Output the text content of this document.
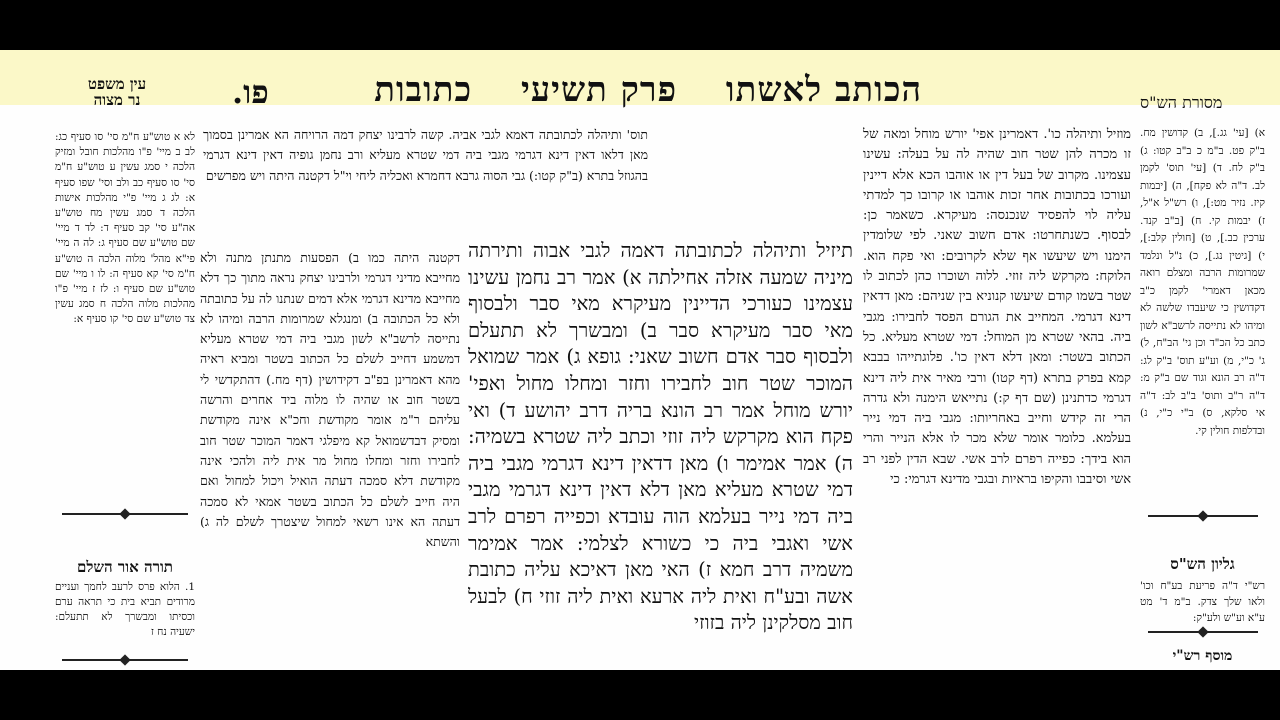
עין משפט
נר מצוה	פו.	הכותב לאשתו פרק תשיעי כתובות	מסורת הש"ס

א) [עי' גג.], ב) קדושין מח. ב"ק פט. ב"מ כ ב"ב קטו: ג) ב"ק לח. ד) [עי' תוס' לקמן לב. ד"ה לא פקח], ה) [יבמות קיז. נזיר מט:], ו) רש"ל א"ל, ז) יבמות קי. ח) [ב"ב קנד. ערכין כב.], ט) [חולין קלב:], י) [גיטין נג.], כ) נ"ל ונלמד שמרומות הרבה ומצלם רואה מכאן דאמרי' לקמן כ"ב דקדושין כי שיעבדו שלשה לא ומיהו לא נתייסה לרשב"א לשון כתב כל הכ"ד וכן גי' הב"ח, ל) ג' כ"י, מ) וע"ע תוס' ב"ק לג: ד"ה רב הונא וגוד שם ב"ק מ: ד"ה ר"ב ותוס' ב"ב לב: ד"ה אי סלקא, ס) ב"י כ"י, נ) ובדלפות חולין קי.

מוזיל ותיהלה כו'. דאמרינן אפי' יורש מוחל ומאה של זו מכרה להן שטר חוב שהיה לה על בעלה: עשינו עצמינו. מקרוב של בעל דין או אוהבו הכא אלא דיינין ועורכו בכתובות אחר זכות אוהבו או קרובו כך למדתי עליה לוי להפסיד שנכנסה: מעיקרא. כשאמר כן: לבסוף. כשנתחרטו: אדם חשוב שאני. לפי שלומדין הימנו ויש שיעשו אף שלא לקרובים: ואי פקח הוא. הלוקח: מקרקש ליה זוזי. ללוה ושוכרו כהן לכתוב לו שטר בשמו קודם שיעשו קנוניא בין שניהם: מאן דדאין דינא דגרמי. המחייב את הגורם הפסד לחבירו: מגבי ביה. בהאי שטרא מן המוחל: דמי שטרא מעליא. כל הכתוב בשטר: ומאן דלא דאין כו'. פלוגתייהו בבבא קמא בפרק בתרא (דף קטו) ורבי מאיר אית ליה דינא דגרמי כדתנינן (שם דף ק:) נתייאש הימנה ולא גדרה הרי זה קידש וחייב באחריותו: מגבי ביה דמי נייר בעלמא. כלומר אומר שלא מכר לו אלא הנייר והרי הוא בידך: כפייה רפרם לרב אשי. שבא הדין לפני רב אשי וסיבבו והקיפו בראיות ובגבי מדינא דגרמי: כי

תוס' ותיהלה לכתובתה דאמא לגבי אביה. קשה לרבינו יצחק דמה הרויחה הא אמרינן בסמוך מאן דלאו דאין דינא דגרמי מגבי ביה דמי שטרא מעליא ורב נחמן גופיה דאין דינא דגרמי בהגוזל בתרא (ב"ק קטו:) גבי הסוה גרבא דחמרא ואכליה ליחי וי"ל דקטנה היתה ויש מפרשים

דקטנה היתה כמו ב) הפסעות מתנתן מתנה ולא מחייבא מדיני דגרמי ולרבינו יצחק נראה מתוך כך דלא מחייבא מדינא דגרמי אלא דמים שנתנו לה על כתובתה ולא כל הכתובה ב) ומנגלא שמרומות הרבה ומיהו לא נתייסה לרשב"א לשון מגבי ביה דמי שטרא מעליא דמשמע דחייב לשלם כל הכתוב בשטר ומביא ראיה מהא דאמרינן בפ"ב דקידושין (דף מח.) דהתקדשי לי בשטר חוב או שהיה לו מלוה ביד אחרים והרשה עליהם ר"מ אומר מקודשת וחכ"א אינה מקודשת ומסיק דבדשמואל קא מיפלגי דאמר המוכר שטר חוב לחבירו וחזר ומחלו מחול מר אית ליה ולהכי אינה מקודשת דלא סמכה דעתה הואיל ויכול למחול ואם היה חייב לשלם כל הכתוב בשטר אמאי לא סמכה דעתה הא אינו רשאי למחול שיצטרך לשלם לה ג) והשתא

תיזיל ותיהלה לכתובתה דאמה לגבי אבוה ותירתה מיניה שמעה אזלה אחילתה א) אמר רב נחמן עשינו עצמינו כעורכי הדיינין מעיקרא מאי סבר ולבסוף מאי סבר מעיקרא סבר ב) ומבשרך לא תתעלם ולבסוף סבר אדם חשוב שאני: גופא ג) אמר שמואל המוכר שטר חוב לחבירו וחזר ומחלו מחול ואפי' יורש מוחל אמר רב הונא בריה דרב יהושע ד) ואי פקח הוא מקרקש ליה זוזי וכתב ליה שטרא בשמיה: ה) אמר אמימר ו) מאן דדאין דינא דגרמי מגבי ביה דמי שטרא מעליא מאן דלא דאין דינא דגרמי מגבי ביה דמי נייר בעלמא הוה עובדא וכפייה רפרם לרב אשי ואגבי ביה כי כשורא לצלמי: אמר אמימר משמיה דרב חמא ז) האי מאן דאיכא עליה כתובת אשה ובע"ח ואית ליה ארעא ואית ליה זוזי ח) לבעל חוב מסלקינן ליה בזוזי

לא א טוש"ע ח"מ סי' סו סעיף כג: לב ב מיי' פ"ו מהלכות חובל ומזיק הלכה י סמג עשין ע טוש"ע ח"מ סי' סו סעיף כב ולב וסי' שפו סעיף א: לג ג מיי' פ"י מהלכות אישות הלכה ד סמג עשין מח טוש"ע אה"ע סי' קב סעיף ד: לד ד מיי' שם טוש"ע שם סעיף ג: לה ה מיי' פי"א מהל' מלוה הלכה ה טוש"ע ח"מ סי' קא סעיף ה: לו ו מיי' שם טוש"ע שם סעיף ו: לז ז מיי' פ"ו מהלכות מלוה הלכה ח סמג עשין צד טוש"ע שם סי' קו סעיף א:

תורה אור השלם

1. הלוא פרס לרעב לחמך ועניים מרודים תביא בית כי תראה ערם וכסיתו ומבשרך לא תתעלם: ישעיה נח ז

גליון הש"ס

רש"י ד"ה פריעת בע"ח וכו' ולאו שלך צדק. ב"מ ד' מט ע"א וע"ש ולע"ק:

מוסף רש"י
